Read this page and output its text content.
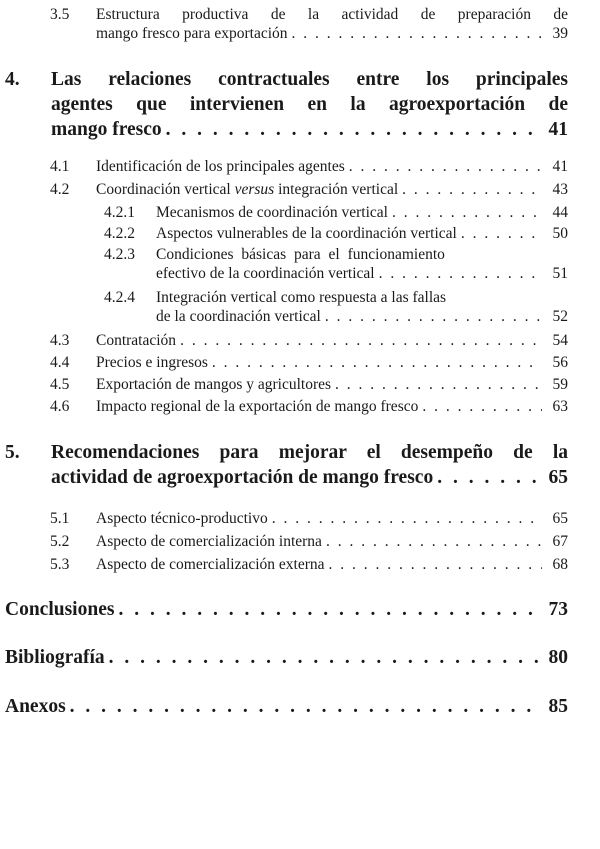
3.5 Estructura productiva de la actividad de preparación de
mango fresco para exportación . . .	39
4. Las relaciones contractuales entre los principales
agentes que intervienen en la agroexportación de
mango fresco . . .	41
4.1 Identificación de los principales agentes . . .	41
4.2 Coordinación vertical versus integración vertical . . .	43
4.2.1 Mecanismos de coordinación vertical . . .	44
4.2.2 Aspectos vulnerables de la coordinación vertical . . .	50
4.2.3 Condiciones básicas para el funcionamiento
efectivo de la coordinación vertical . . .	51
4.2.4 Integración vertical como respuesta a las fallas
de la coordinación vertical . . .	52
4.3 Contratación . . .	54
4.4 Precios e ingresos . . .	56
4.5 Exportación de mangos y agricultores . . .	59
4.6 Impacto regional de la exportación de mango fresco . . .	63
5. Recomendaciones para mejorar el desempeño de la
actividad de agroexportación de mango fresco . . .	65
5.1 Aspecto técnico-productivo . . .	65
5.2 Aspecto de comercialización interna . . .	67
5.3 Aspecto de comercialización externa . . .	68
Conclusiones . . .	73
Bibliografía . . .	80
Anexos . . .	85
